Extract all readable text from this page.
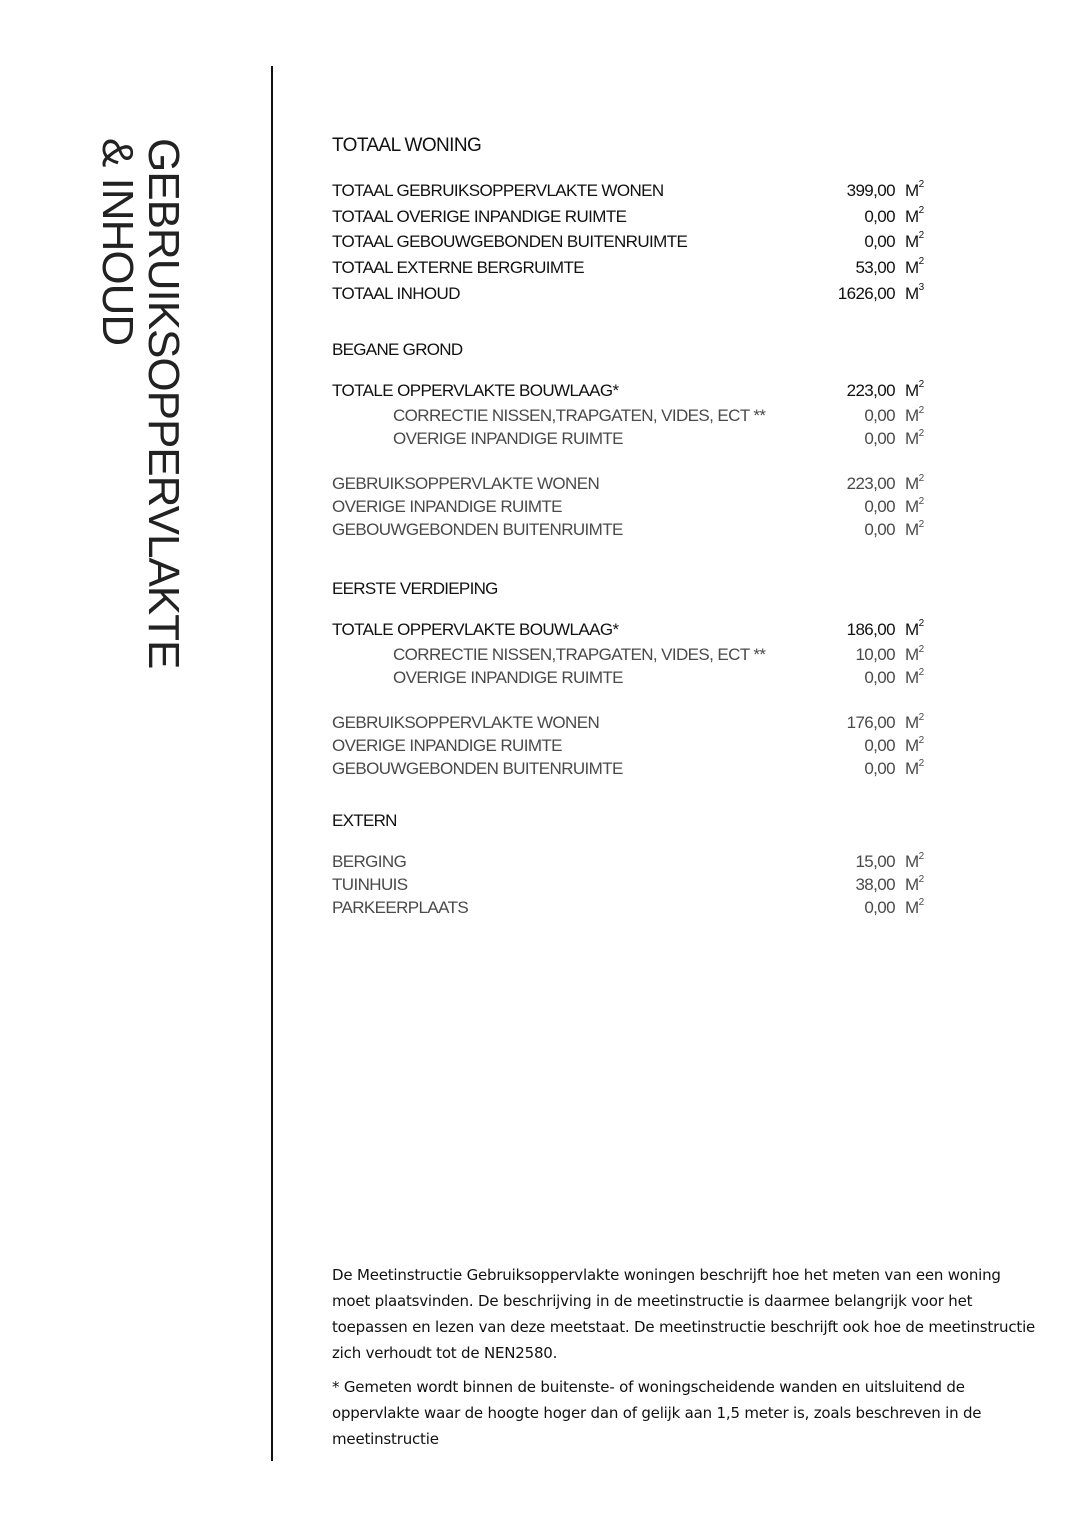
GEBRUIKSOPPERVLAKTE
& INHOUD	TOTAAL WONING
TOTAAL GEBRUIKSOPPERVLAKTE WONEN	399,00 $M^2$
TOTAAL OVERIGE INPANDIGE RUIMTE	0,00 $M^2$
TOTAAL GEBOUWGEBONDEN BUITENRUIMTE	0,00 $M^2$
TOTAAL EXTERNE BERGRUIMTE	53,00 $M^2$
TOTAAL INHOUD	1626,00 $M^3$
BEGANE GROND
TOTALE OPPERVLAKTE BOUWLAAG*	223,00 $M^2$
CORRECTIE NISSEN,TRAPGATEN, VIDES, ECT **	0,00 $M^2$
OVERIGE INPANDIGE RUIMTE	0,00 $M^2$
GEBRUIKSOPPERVLAKTE WONEN	223,00 $M^2$
OVERIGE INPANDIGE RUIMTE	0,00 $M^2$
GEBOUWGEBONDEN BUITENRUIMTE	0,00 $M^2$
EERSTE VERDIEPING
TOTALE OPPERVLAKTE BOUWLAAG*	186,00 $M^2$
CORRECTIE NISSEN,TRAPGATEN, VIDES, ECT **	10,00 $M^2$
OVERIGE INPANDIGE RUIMTE	0,00 $M^2$
GEBRUIKSOPPERVLAKTE WONEN	176,00 $M^2$
OVERIGE INPANDIGE RUIMTE	0,00 $M^2$
GEBOUWGEBONDEN BUITENRUIMTE	0,00 $M^2$
EXTERN
BERGING	15,00 $M^2$
TUINHUIS	38,00 $M^2$
PARKEERPLAATS	0,00 $M^2$

De Meetinstructie Gebruiksoppervlakte woningen beschrijft hoe het meten van een woning moet plaatsvinden. De beschrijving in de meetinstructie is daarmee belangrijk voor het toepassen en lezen van deze meetstaat. De meetinstructie beschrijft ook hoe de meetinstructie zich verhoudt tot de NEN2580.

* Gemeten wordt binnen de buitenste- of woningscheidende wanden en uitsluitend de oppervlakte waar de hoogte hoger dan of gelijk aan 1,5 meter is, zoals beschreven in de meetinstructie
